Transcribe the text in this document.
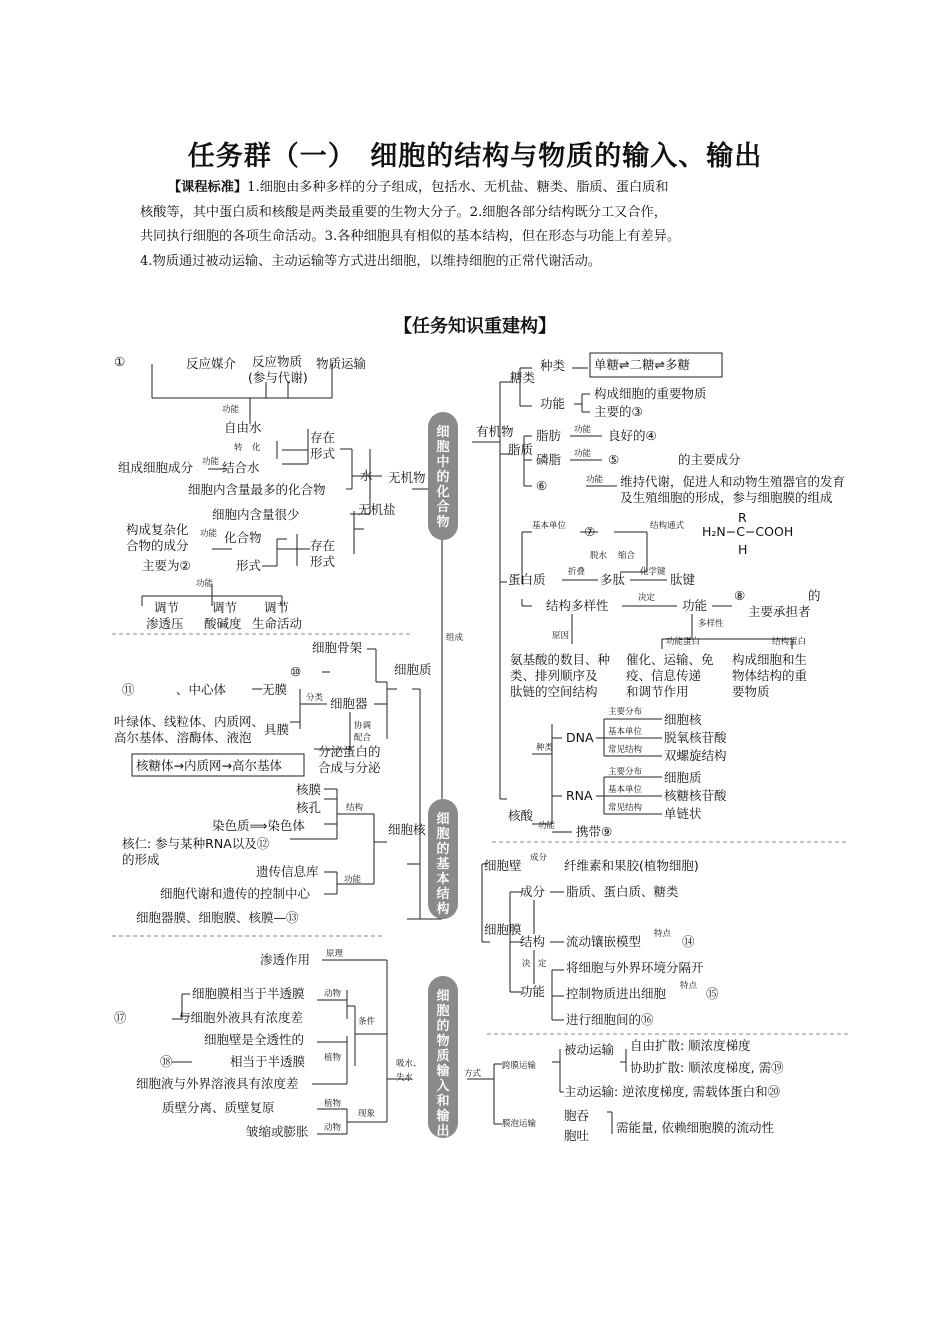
任务群（一）　细胞的结构与物质的输入、输出
【课程标准】1.细胞由多种多样的分子组成，包括水、无机盐、糖类、脂质、蛋白质和
核酸等，其中蛋白质和核酸是两类最重要的生物大分子。2.细胞各部分结构既分工又合作，
共同执行细胞的各项生命活动。3.各种细胞具有相似的基本结构，但在形态与功能上有差异。
4.物质通过被动运输、主动运输等方式进出细胞，以维持细胞的正常代谢活动。
【任务知识重建构】
细胞中的化合物
细胞的基本结构
细胞的物质输入和输出
①	反应媒介 反应物质
(参与代谢)
物质运输
功能
自由水
转 化
结合水
组成细胞成分 功能
存在
形式
细胞内含量最多的化合物
水 无机物
细胞内含量很少	无机盐
构成复杂化
合物的成分
功能 化合物
主要为②	形式
存在
形式
功能
调节
渗透压
调节
酸碱度
调节
生命活动
有机物
糖类
种类 单糖⇌二糖⇌多糖
功能
构成细胞的重要物质
主要的③
脂质
脂肪 功能 良好的④
磷脂 功能 ⑤	的主要成分
⑥	功能 维持代谢，促进人和动物生殖器官的发育
及生殖细胞的形成，参与细胞膜的组成
基本单位 ⑦	结构通式
R
H₂N−C−COOH
H
脱水 缩合
蛋白质	折叠 多肽 化学键 肽键
结构多样性	决定 功能
⑧	的
主要承担者
多样性
原因
功能蛋白	结构蛋白
氨基酸的数目、种
类、排列顺序及
肽链的空间结构
催化、运输、免
疫、信息传递
和调节作用
构成细胞和生
物体结构的重
要物质
核酸
种类
DNA
RNA
主要分布
基本单位
常见结构
细胞核
脱氧核苷酸
双螺旋结构
主要分布
基本单位
常见结构
细胞质
核糖核苷酸
单链状
功能 携带⑨
组成
细胞骨架
⑩
⑪	、中心体	无膜
分类 细胞器
细胞质
叶绿体、线粒体、内质网、
高尔基体、溶酶体、液泡
具膜	协调
配合
核糖体→内质网→高尔基体
分泌蛋白的
合成与分泌
核膜
核孔
染色质⟹染色体
结构
核仁: 参与某种RNA以及⑫
的形成
遗传信息库
功能
细胞代谢和遗传的控制中心
细胞核
细胞器膜、细胞膜、核膜—⑬
细胞壁 成分 纤维素和果胶(植物细胞)
成分 脂质、蛋白质、糖类
细胞膜
结构 流动镶嵌模型 特点 ⑭
决 定 将细胞与外界环境分隔开
功能 控制物质进出细胞 特点 ⑮
进行细胞间的⑯
渗透作用 原理
细胞膜相当于半透膜 动物
⑰	与细胞外液具有浓度差	条件
细胞壁是全透性的
⑱	相当于半透膜 植物
细胞液与外界溶液具有浓度差
吸水、
失水
质壁分离、质壁复原	植物
现象
皱缩或膨胀 动物
方式
跨膜运输
被动运输 自由扩散: 顺浓度梯度
协助扩散: 顺浓度梯度, 需⑲
主动运输: 逆浓度梯度, 需载体蛋白和⑳
膜泡运输
胞吞
胞吐
需能量, 依赖细胞膜的流动性
